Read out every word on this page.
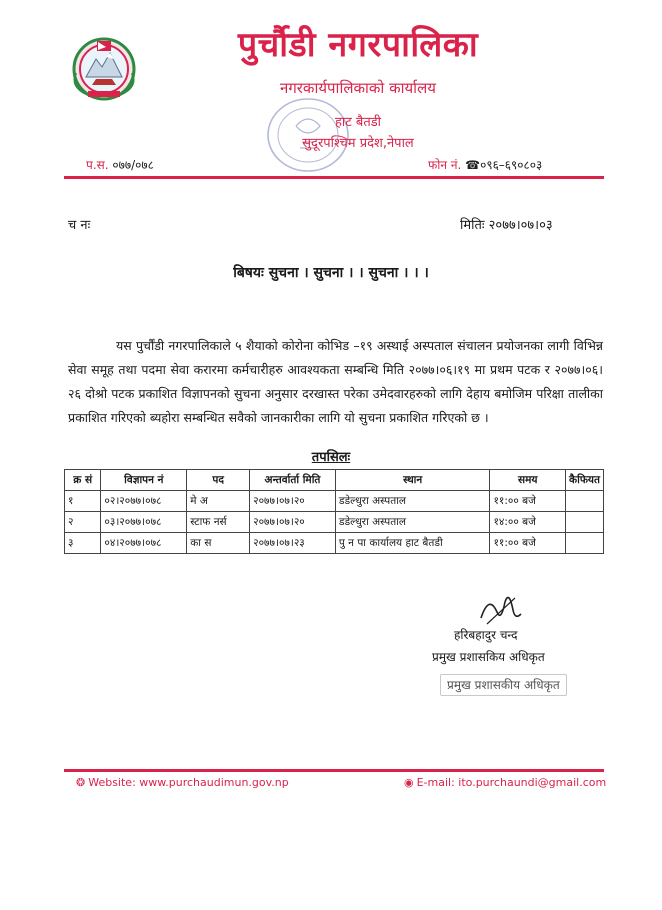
पुर्चौडी नगरपालिका
नगरकार्यपालिकाको कार्यालय
हाट बैतडी
सुदूरपश्चिम प्रदेश,नेपाल
प.स. ०७७/०७८	फोन नं. ☎०९६–६९०८०३
च नः	मितिः २०७७।०७।०३
बिषयः सुचना । सुचना । । सुचना । । ।
यस पुर्चौंडी नगरपालिकाले ५ शैयाको कोरोना कोभिड –१९ अस्थाई अस्पताल संचालन प्रयोजनका लागी विभिन्न सेवा समूह तथा पदमा सेवा करारमा कर्मचारीहरु आवश्यकता सम्बन्धि मिति २०७७।०६।१९ मा प्रथम पटक र २०७७।०६।२६ दोश्रो पटक प्रकाशित विज्ञापनको सुचना अनुसार दरखास्त परेका उमेदवारहरुको लागि देहाय बमोजिम परिक्षा तालीका प्रकाशित गरिएको ब्यहोरा सम्बन्धित सवैको जानकारीका लागि यो सुचना प्रकाशित गरिएको छ ।
तपसिलः
क्र सं	विज्ञापन नं	पद	अन्तर्वार्ता मिति	स्थान	समय	कैफियत
१	०२।२०७७।०७८	मे अ	२०७७।०७।२०	डडेल्धुरा अस्पताल	११:०० बजे	
२	०३।२०७७।०७८	स्टाफ नर्स	२०७७।०७।२०	डडेल्धुरा अस्पताल	१४:०० बजे	
३	०४।२०७७।०७८	का स	२०७७।०७।२३	पु न पा कार्यालय हाट बैतडी	११:०० बजे	
हरिबहादुर चन्द
प्रमुख प्रशासकिय अधिकृत
प्रमुख प्रशासकीय अधिकृत
❂ Website: www.purchaudimun.gov.np	◉ E-mail: ito.purchaundi@gmail.com
